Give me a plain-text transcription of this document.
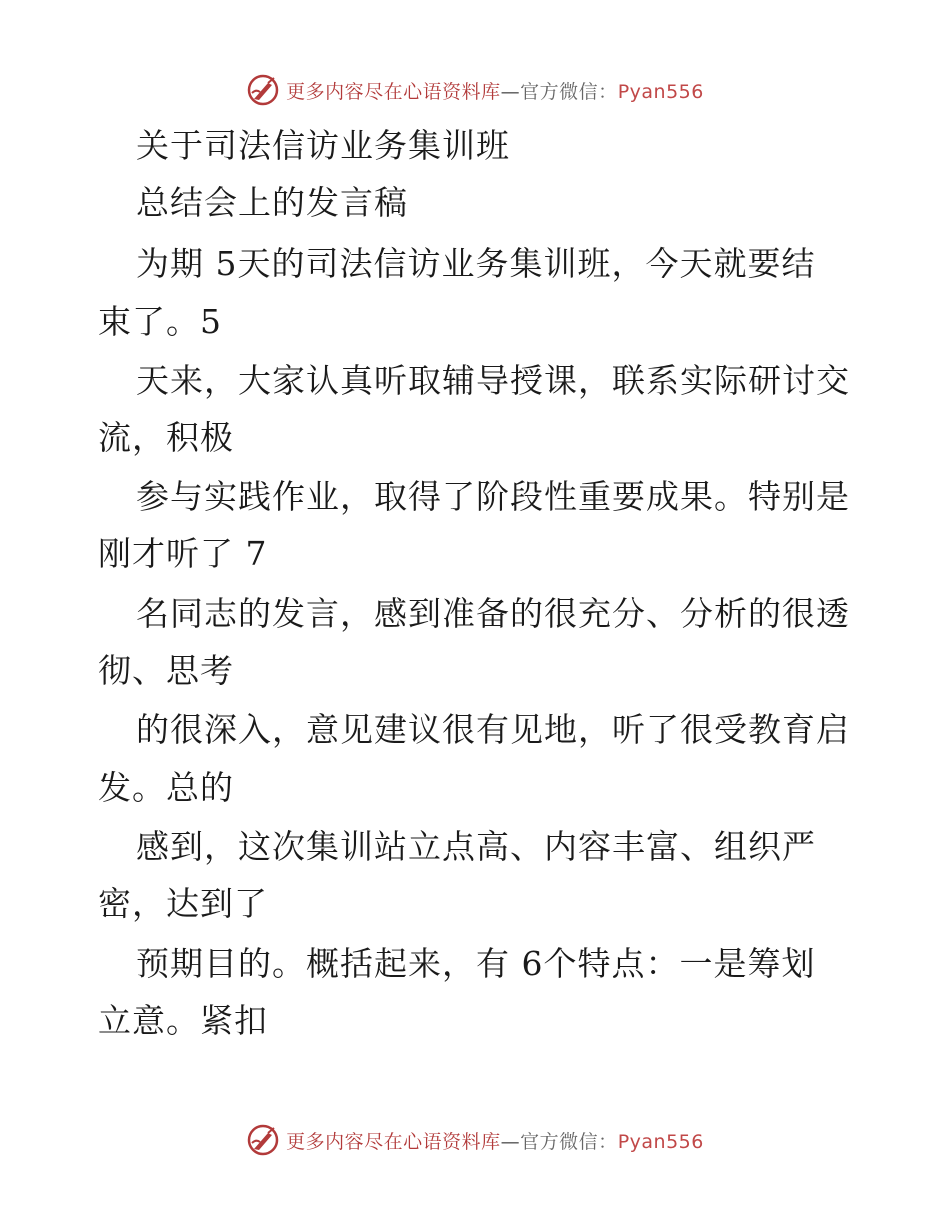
更多内容尽在心语资料库—官方微信：Pyan556
关于司法信访业务集训班
总结会上的发言稿
为期 5天的司法信访业务集训班，今天就要结
束了。5
天来，大家认真听取辅导授课，联系实际研讨交
流，积极
参与实践作业，取得了阶段性重要成果。特别是
刚才听了 7
名同志的发言，感到准备的很充分、分析的很透
彻、思考
的很深入，意见建议很有见地，听了很受教育启
发。总的
感到，这次集训站立点高、内容丰富、组织严
密，达到了
预期目的。概括起来，有 6个特点：一是筹划
立意。紧扣
更多内容尽在心语资料库—官方微信：Pyan556
